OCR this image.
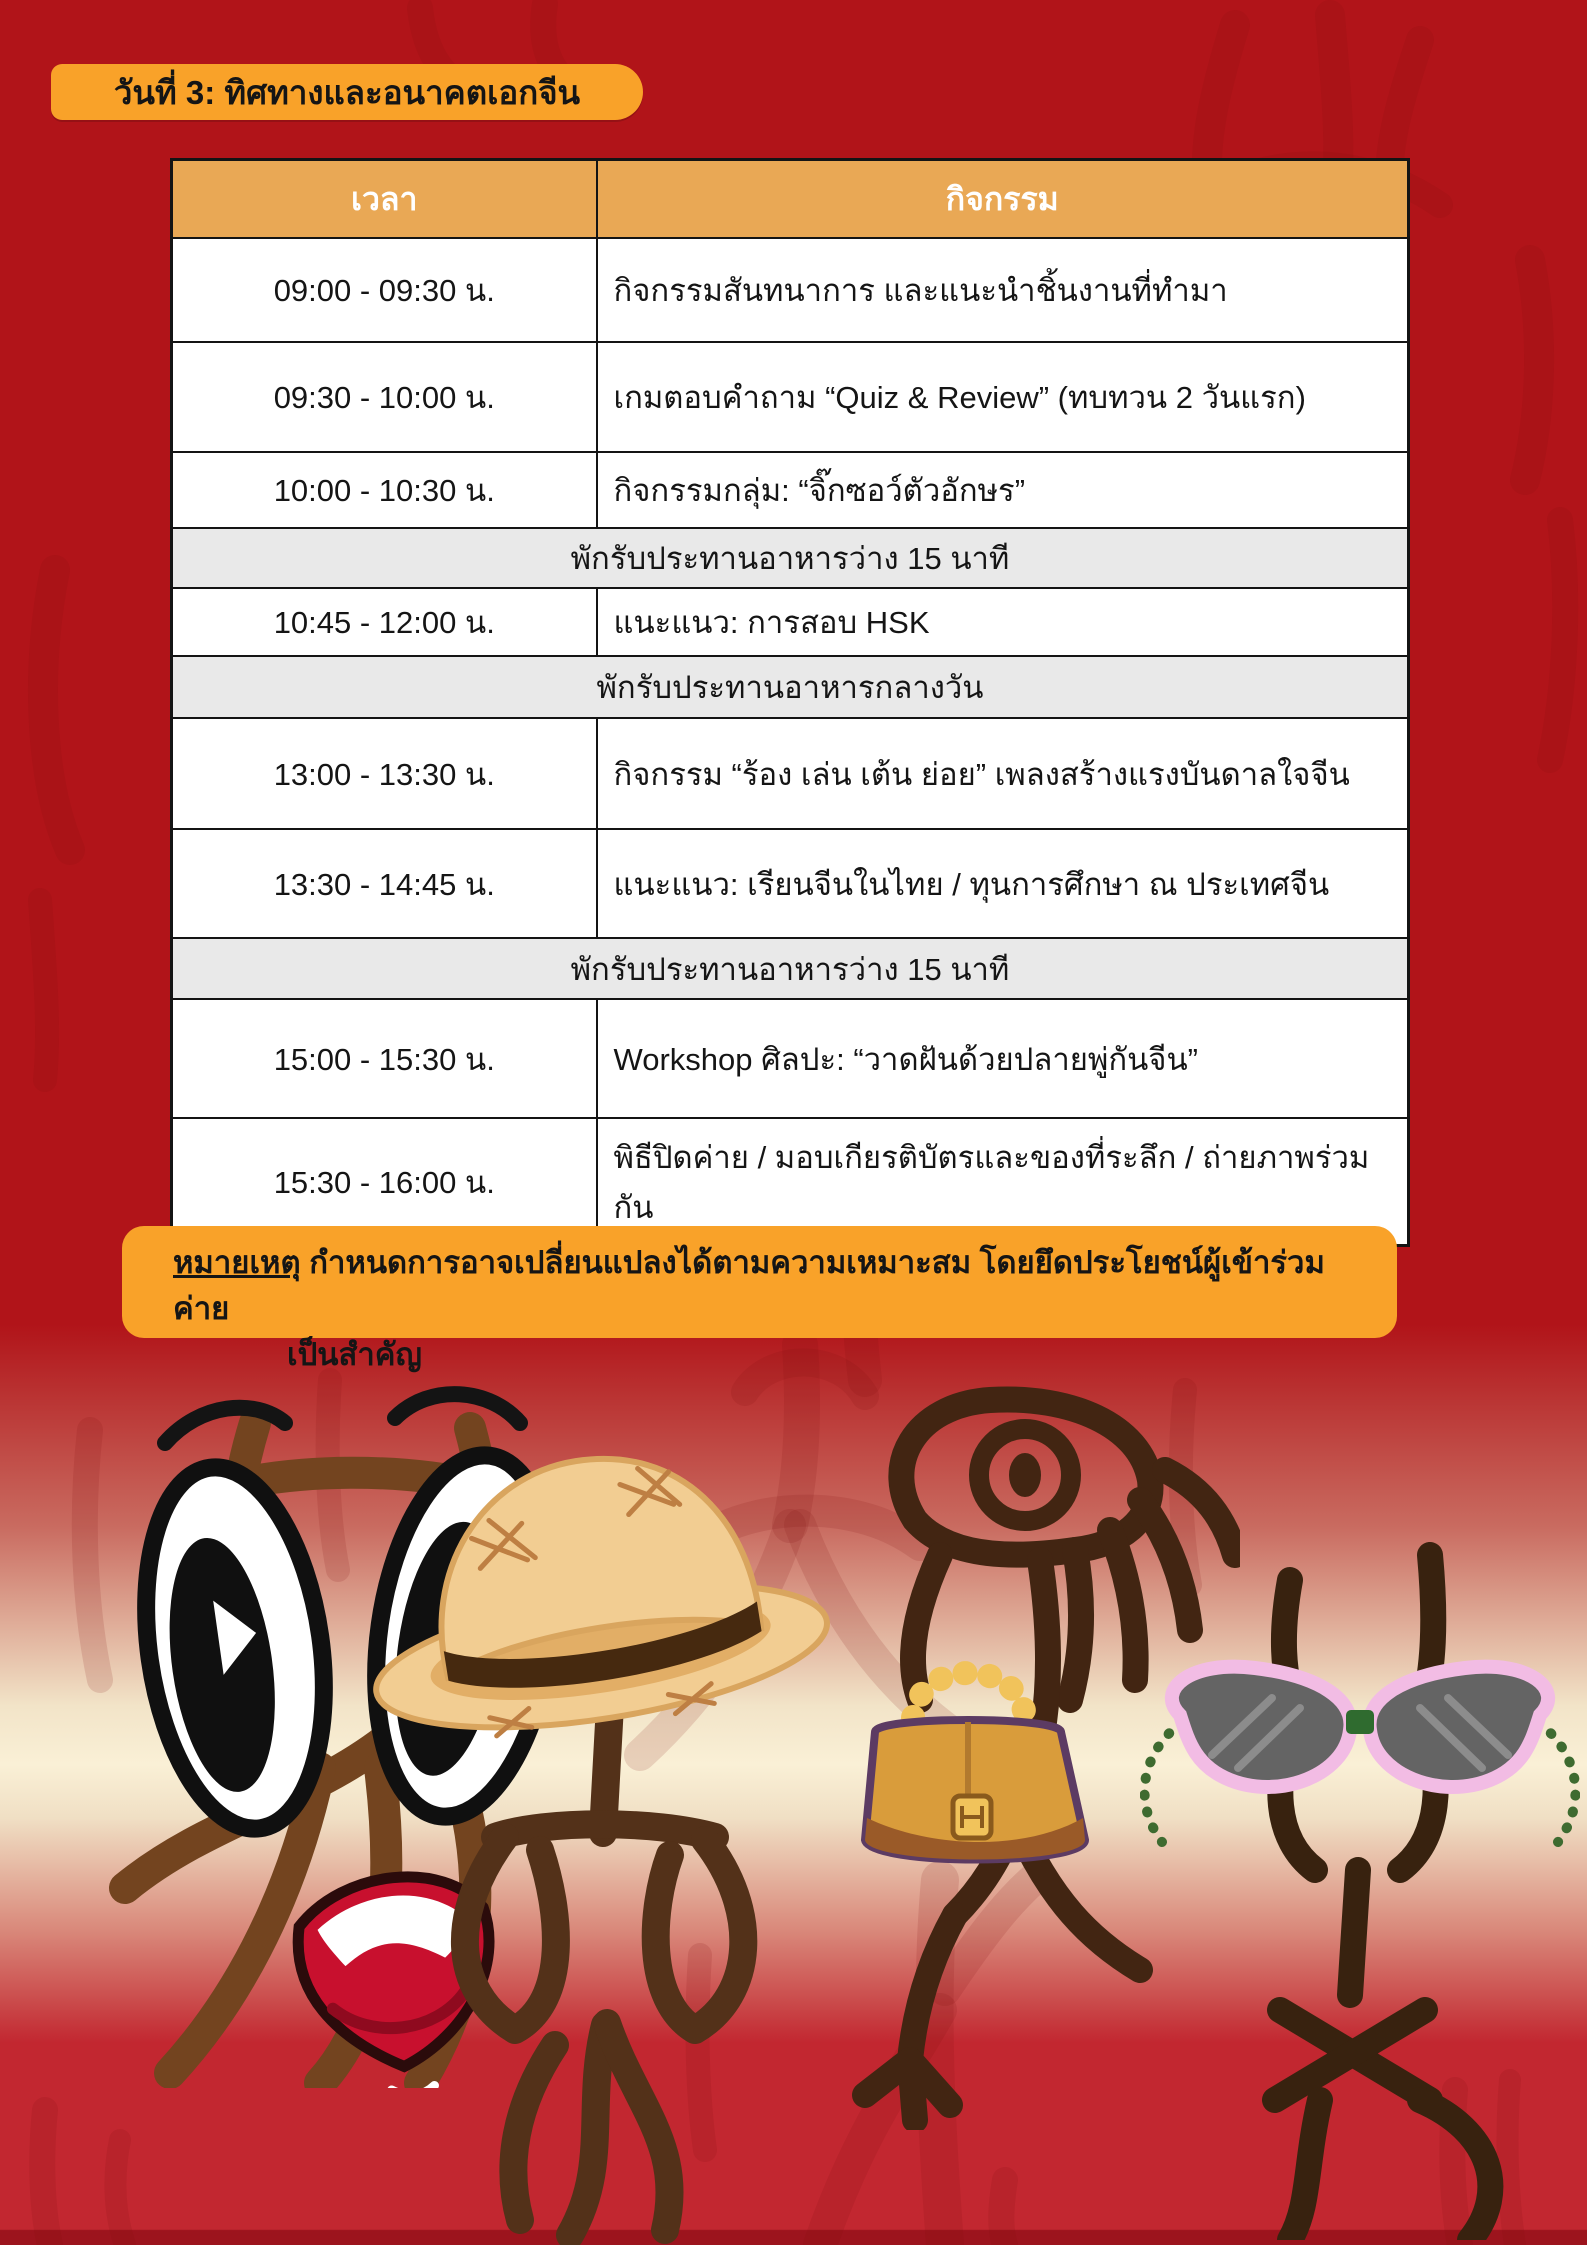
วันที่ 3: ทิศทางและอนาคตเอกจีน
เวลา	กิจกรรม
09:00 - 09:30 น.	กิจกรรมสันทนาการ และแนะนำชิ้นงานที่ทำมา
09:30 - 10:00 น.	เกมตอบคำถาม “Quiz & Review” (ทบทวน 2 วันแรก)
10:00 - 10:30 น.	กิจกรรมกลุ่ม: “จิ๊กซอว์ตัวอักษร”
พักรับประทานอาหารว่าง 15 นาที	
10:45 - 12:00 น.	แนะแนว: การสอบ HSK
พักรับประทานอาหารกลางวัน	
13:00 - 13:30 น.	กิจกรรม “ร้อง เล่น เต้น ย่อย” เพลงสร้างแรงบันดาลใจจีน
13:30 - 14:45 น.	แนะแนว: เรียนจีนในไทย / ทุนการศึกษา ณ ประเทศจีน
พักรับประทานอาหารว่าง 15 นาที	
15:00 - 15:30 น.	Workshop ศิลปะ: “วาดฝันด้วยปลายพู่กันจีน”
15:30 - 16:00 น.	พิธีปิดค่าย / มอบเกียรติบัตรและของที่ระลึก / ถ่ายภาพร่วมกัน
หมายเหตุ กำหนดการอาจเปลี่ยนแปลงได้ตามความเหมาะสม โดยยึดประโยชน์ผู้เข้าร่วมค่าย
เป็นสำคัญ
